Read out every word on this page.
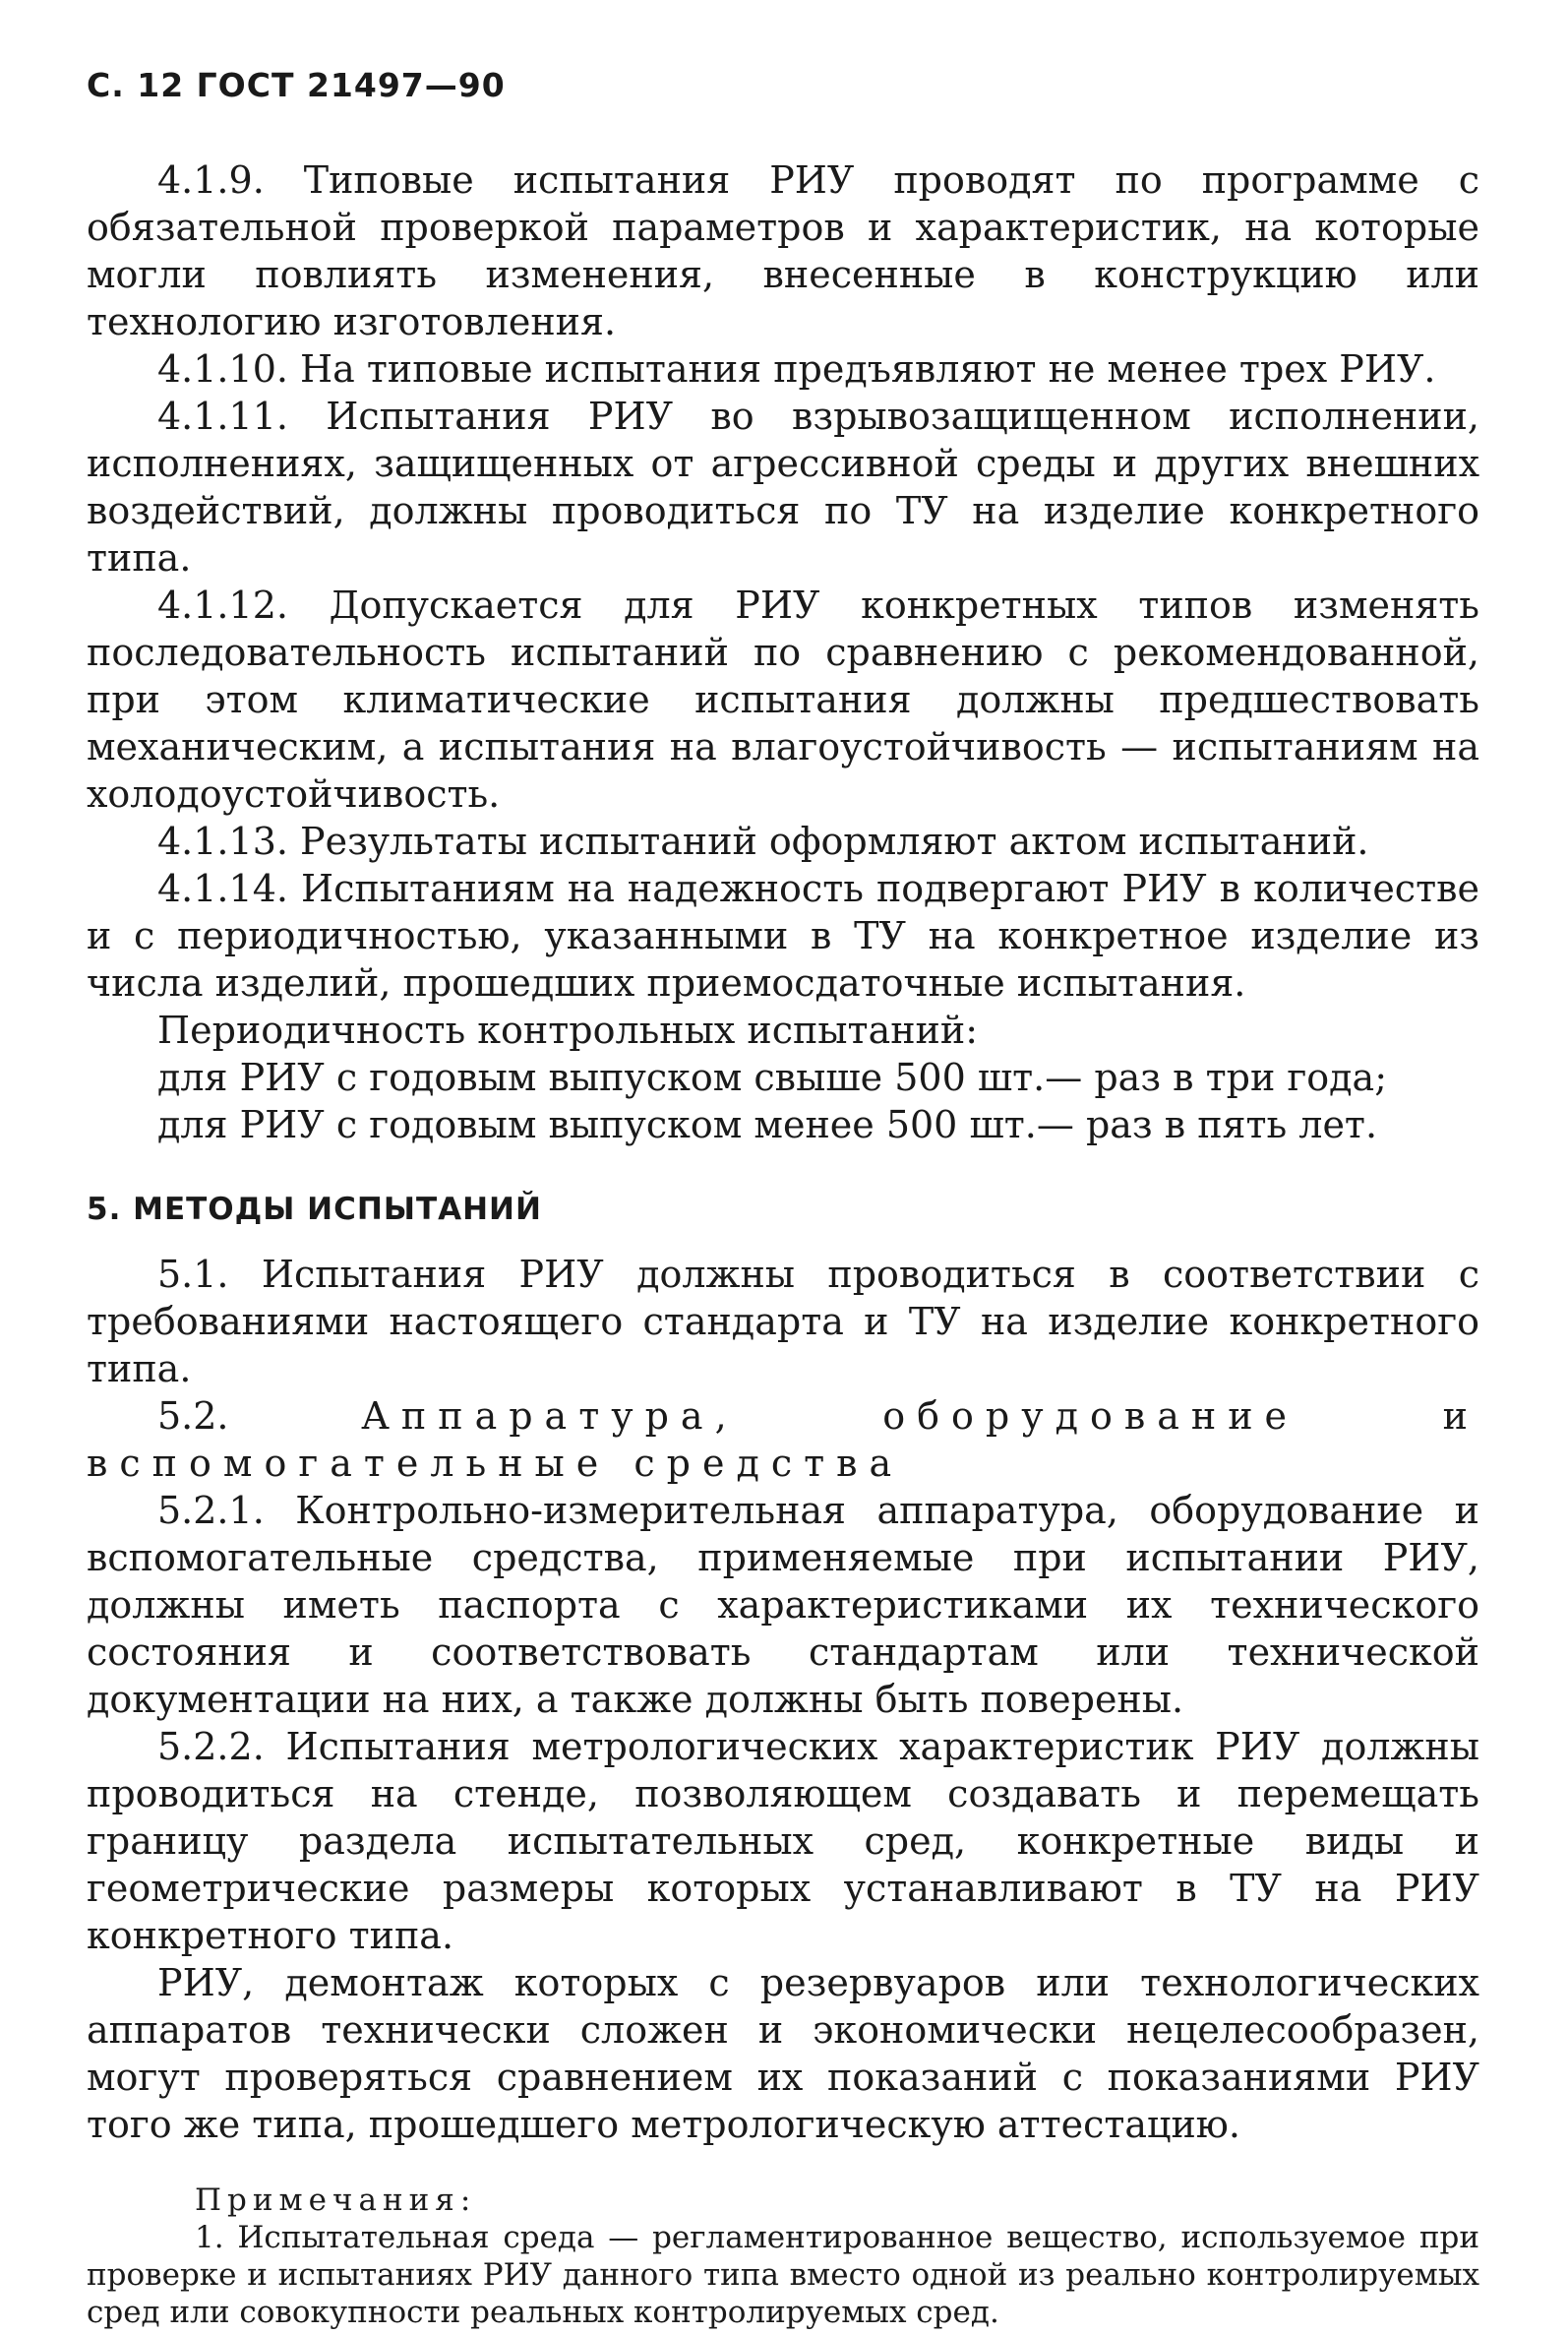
С. 12 ГОСТ 21497—90

4.1.9. Типовые испытания РИУ проводят по программе с обязательной проверкой параметров и характеристик, на которые могли повлиять изменения, внесенные в конструкцию или технологию изготовления.

4.1.10. На типовые испытания предъявляют не менее трех РИУ.

4.1.11. Испытания РИУ во взрывозащищенном исполнении, исполнениях, защищенных от агрессивной среды и других внешних воздействий, должны проводиться по ТУ на изделие конкретного типа.

4.1.12. Допускается для РИУ конкретных типов изменять последовательность испытаний по сравнению с рекомендованной, при этом климатические испытания должны предшествовать механическим, а испытания на влагоустойчивость — испытаниям на холодоустойчивость.

4.1.13. Результаты испытаний оформляют актом испытаний.

4.1.14. Испытаниям на надежность подвергают РИУ в количестве и с периодичностью, указанными в ТУ на конкретное изделие из числа изделий, прошедших приемосдаточные испытания.

Периодичность контрольных испытаний:

для РИУ с годовым выпуском свыше 500 шт.— раз в три года;

для РИУ с годовым выпуском менее 500 шт.— раз в пять лет.

5. МЕТОДЫ ИСПЫТАНИЙ

5.1. Испытания РИУ должны проводиться в соответствии с требованиями настоящего стандарта и ТУ на изделие конкретного типа.

5.2.	Аппаратура, оборудование и вспомогательные средства

5.2.1. Контрольно-измерительная аппаратура, оборудование и вспомогательные средства, применяемые при испытании РИУ, должны иметь паспорта с характеристиками их технического состояния и соответствовать стандартам или технической документации на них, а также должны быть поверены.

5.2.2. Испытания метрологических характеристик РИУ должны проводиться на стенде, позволяющем создавать и перемещать границу раздела испытательных сред, конкретные виды и геометрические размеры которых устанавливают в ТУ на РИУ конкретного типа.

РИУ, демонтаж которых с резервуаров или технологических аппаратов технически сложен и экономически нецелесообразен, могут проверяться сравнением их показаний с показаниями РИУ того же типа, прошедшего метрологическую аттестацию.

Примечания:

1. Испытательная среда — регламентированное вещество, используемое при проверке и испытаниях РИУ данного типа вместо одной из реально контролируемых сред или совокупности реальных контролируемых сред.
